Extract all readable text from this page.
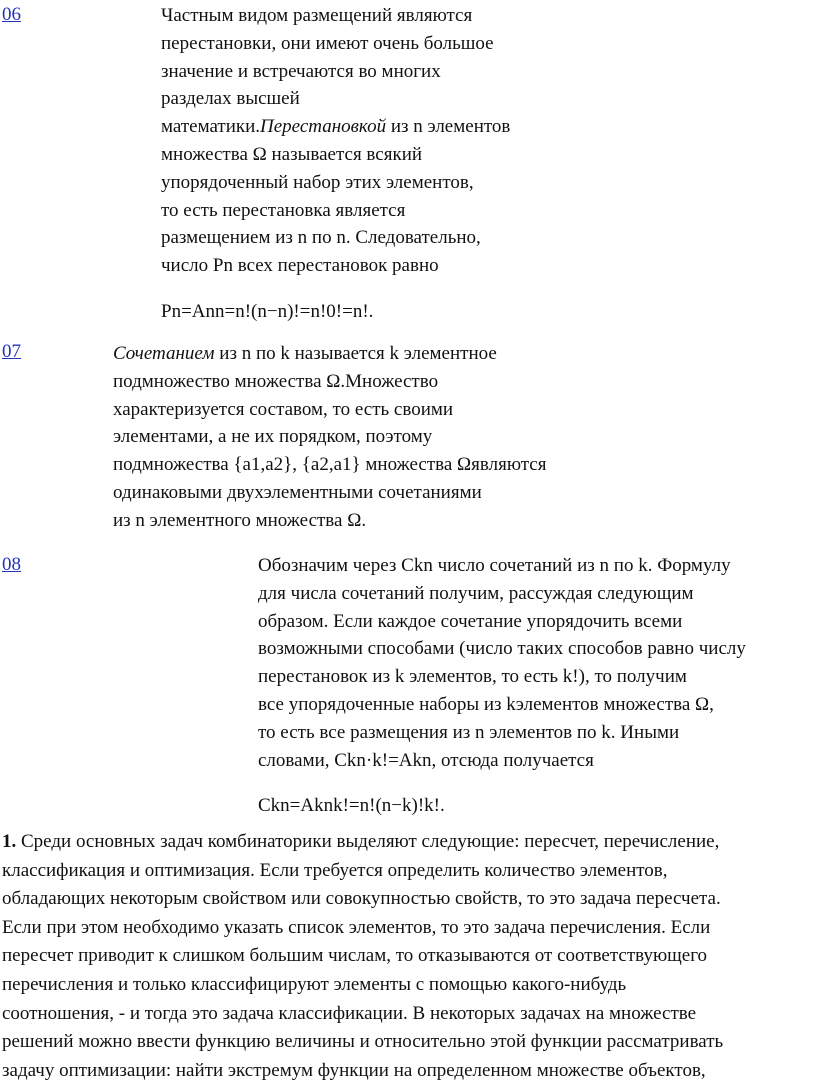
06	Частным видом размещений являются
перестановки, они имеют очень большое
значение и встречаются во многих
разделах высшей
математики.Перестановкой из n элементов
множества Ω называется всякий
упорядоченный набор этих элементов,
то есть перестановка является
размещением из n по n. Следовательно,
число Pn всех перестановок равно
Pn=Ann=n!(n−n)!=n!0!=n!.
07	Сочетанием из n по k называется k элементное
подмножество множества Ω.Множество
характеризуется составом, то есть своими
элементами, а не их порядком, поэтому
подмножества {a1,a2}, {a2,a1} множества Ωявляются
одинаковыми двухэлементными сочетаниями
из n элементного множества Ω.
08	Обозначим через Ckn число сочетаний из n по k. Формулу
для числа сочетаний получим, рассуждая следующим
образом. Если каждое сочетание упорядочить всеми
возможными способами (число таких способов равно числу
перестановок из k элементов, то есть k!), то получим
все упорядоченные наборы из kэлементов множества Ω,
то есть все размещения из n элементов по k. Иными
словами, Ckn·k!=Akn, отсюда получается
Ckn=Aknk!=n!(n−k)!k!.
1. Среди основных задач комбинаторики выделяют следующие: пересчет, перечисление,
классификация и оптимизация. Если требуется определить количество элементов,
обладающих некоторым свойством или совокупностью свойств, то это задача пересчета.
Если при этом необходимо указать список элементов, то это задача перечисления. Если
пересчет приводит к слишком большим числам, то отказываются от соответствующего
перечисления и только классифицируют элементы с помощью какого-нибудь
соотношения, - и тогда это задача классификации. В некоторых задачах на множестве
решений можно ввести функцию величины и относительно этой функции рассматривать
задачу оптимизации: найти экстремум функции на определенном множестве объектов,
